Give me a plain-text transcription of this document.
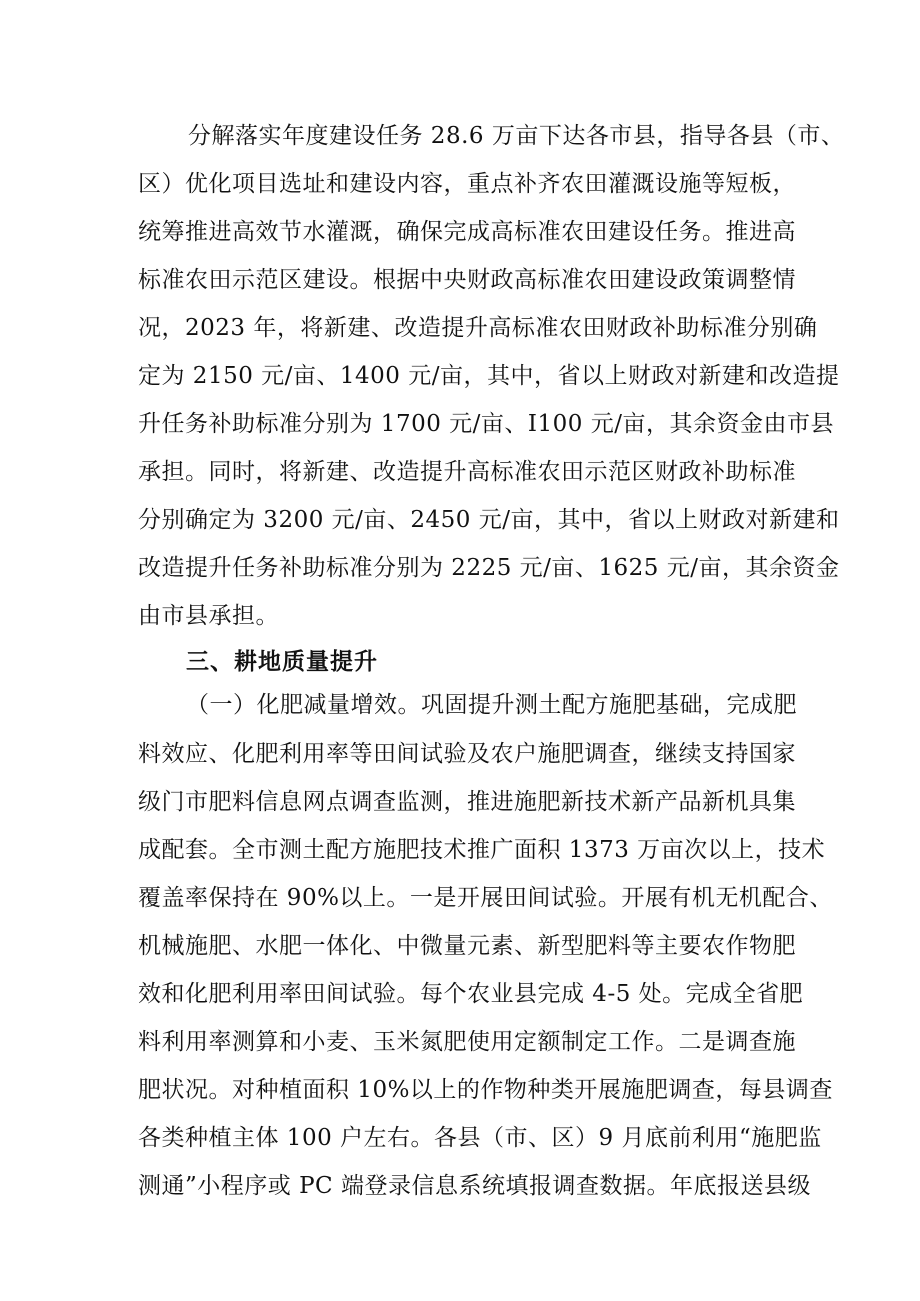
分解落实年度建设任务 28.6 万亩下达各市县，指导各县（市、
区）优化项目选址和建设内容，重点补齐农田灌溉设施等短板，
统筹推进高效节水灌溉，确保完成高标准农田建设任务。推进高
标准农田示范区建设。根据中央财政高标准农田建设政策调整情
况，2023 年，将新建、改造提升高标准农田财政补助标准分别确
定为 2150 元/亩、1400 元/亩，其中，省以上财政对新建和改造提
升任务补助标准分别为 1700 元/亩、I100 元/亩，其余资金由市县
承担。同时，将新建、改造提升高标准农田示范区财政补助标准
分别确定为 3200 元/亩、2450 元/亩，其中，省以上财政对新建和
改造提升任务补助标准分别为 2225 元/亩、1625 元/亩，其余资金
由市县承担。
三、耕地质量提升
（一）化肥减量增效。巩固提升测土配方施肥基础，完成肥
料效应、化肥利用率等田间试验及农户施肥调查，继续支持国家
级门市肥料信息网点调查监测，推进施肥新技术新产品新机具集
成配套。全市测土配方施肥技术推广面积 1373 万亩次以上，技术
覆盖率保持在 90%以上。一是开展田间试验。开展有机无机配合、
机械施肥、水肥一体化、中微量元素、新型肥料等主要农作物肥
效和化肥利用率田间试验。每个农业县完成 4-5 处。完成全省肥
料利用率测算和小麦、玉米氮肥使用定额制定工作。二是调查施
肥状况。对种植面积 10%以上的作物种类开展施肥调查，每县调查
各类种植主体 100 户左右。各县（市、区）9 月底前利用“施肥监
测通”小程序或 PC 端登录信息系统填报调查数据。年底报送县级
